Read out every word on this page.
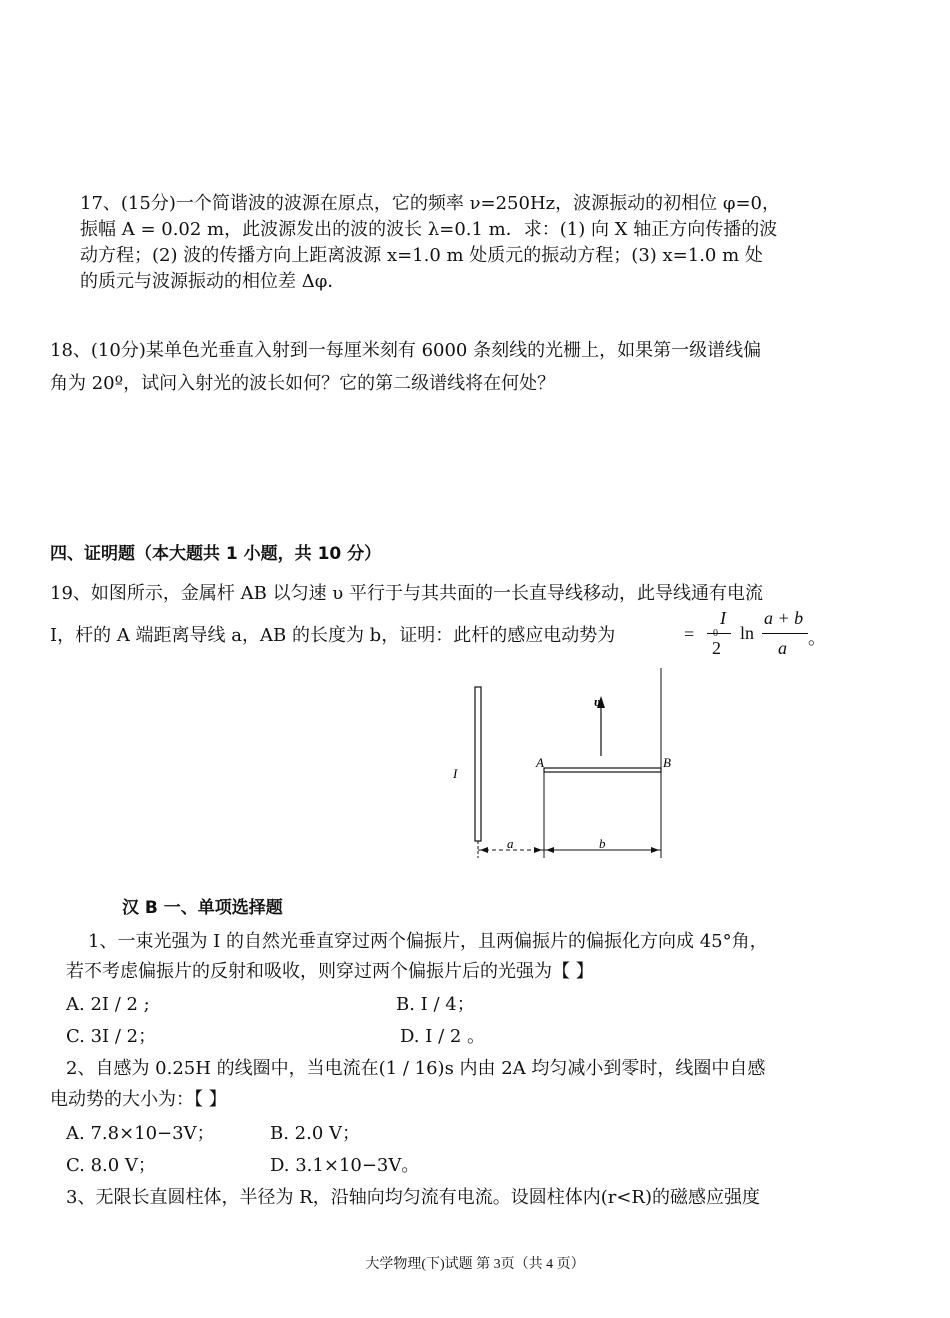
17、(15分)一个简谐波的波源在原点，它的频率 ν=250Hz，波源振动的初相位 φ=0，
振幅 A = 0.02 m，此波源发出的波的波长 λ=0.1 m．求：(1) 向 X 轴正方向传播的波
动方程；(2) 波的传播方向上距离波源 x=1.0 m 处质元的振动方程；(3) x=1.0 m 处
的质元与波源振动的相位差 Δφ．
18、(10分)某单色光垂直入射到一每厘米刻有 6000 条刻线的光栅上，如果第一级谱线偏
角为 20º，试问入射光的波长如何？它的第二级谱线将在何处？
四、证明题（本大题共 1 小题，共 10 分）
19、如图所示，金属杆 AB 以匀速 υ 平行于与其共面的一长直导线移动，此导线通有电流
I，杆的 A 端距离导线 a，AB 的长度为 b，证明：此杆的感应电动势为	=
I
2
ln
a + b
a 。
I
υ
A	B
a	b
汉 B 一、单项选择题
1、一束光强为 I 的自然光垂直穿过两个偏振片，且两偏振片的偏振化方向成 45°角，
若不考虑偏振片的反射和吸收，则穿过两个偏振片后的光强为【 】
A. 2I / 2 ;	B. I / 4；
C. 3I / 2；	D. I / 2 。
2、自感为 0.25H 的线圈中，当电流在(1 / 16)s 内由 2A 均匀减小到零时，线圈中自感
电动势的大小为：【 】
A. 7.8×10−3V；	B. 2.0 V；
C. 8.0 V；	D. 3.1×10−3V。
3、无限长直圆柱体，半径为 R，沿轴向均匀流有电流。设圆柱体内(r<R)的磁感应强度
大学物理(下)试题 第 3页（共 4 页）
